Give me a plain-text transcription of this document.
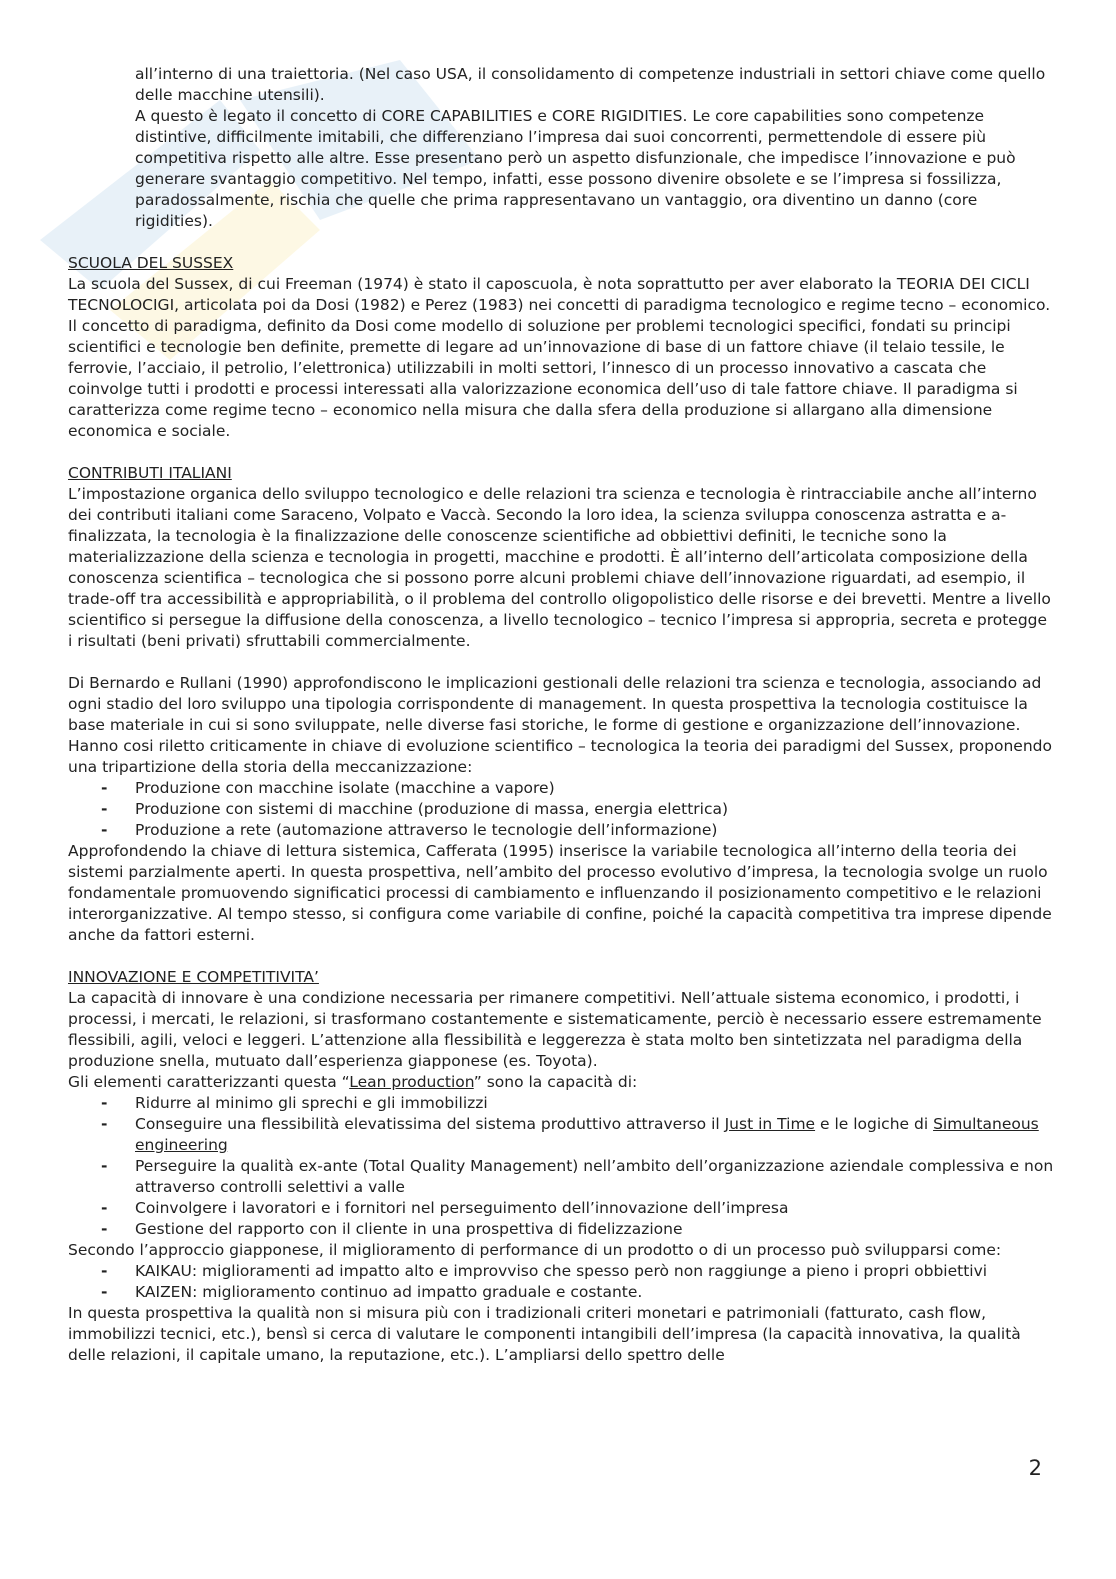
all’interno di una traiettoria. (Nel caso USA, il consolidamento di competenze industriali in settori chiave come quello delle macchine utensili).

A questo è legato il concetto di CORE CAPABILITIES e CORE RIGIDITIES. Le core capabilities sono competenze distintive, difficilmente imitabili, che differenziano l’impresa dai suoi concorrenti, permettendole di essere più competitiva rispetto alle altre. Esse presentano però un aspetto disfunzionale, che impedisce l’innovazione e può generare svantaggio competitivo. Nel tempo, infatti, esse possono divenire obsolete e se l’impresa si fossilizza, paradossalmente, rischia che quelle che prima rappresentavano un vantaggio, ora diventino un danno (core rigidities).

SCUOLA DEL SUSSEX

La scuola del Sussex, di cui Freeman (1974) è stato il caposcuola, è nota soprattutto per aver elaborato la TEORIA DEI CICLI TECNOLOCIGI, articolata poi da Dosi (1982) e Perez (1983) nei concetti di paradigma tecnologico e regime tecno – economico. Il concetto di paradigma, definito da Dosi come modello di soluzione per problemi tecnologici specifici, fondati su principi scientifici e tecnologie ben definite, premette di legare ad un’innovazione di base di un fattore chiave (il telaio tessile, le ferrovie, l’acciaio, il petrolio, l’elettronica) utilizzabili in molti settori, l’innesco di un processo innovativo a cascata che coinvolge tutti i prodotti e processi interessati alla valorizzazione economica dell’uso di tale fattore chiave. Il paradigma si caratterizza come regime tecno – economico nella misura che dalla sfera della produzione si allargano alla dimensione economica e sociale.

CONTRIBUTI ITALIANI

L’impostazione organica dello sviluppo tecnologico e delle relazioni tra scienza e tecnologia è rintracciabile anche all’interno dei contributi italiani come Saraceno, Volpato e Vaccà. Secondo la loro idea, la scienza sviluppa conoscenza astratta e a-finalizzata, la tecnologia è la finalizzazione delle conoscenze scientifiche ad obbiettivi definiti, le tecniche sono la materializzazione della scienza e tecnologia in progetti, macchine e prodotti. È all’interno dell’articolata composizione della conoscenza scientifica – tecnologica che si possono porre alcuni problemi chiave dell’innovazione riguardati, ad esempio, il trade-off tra accessibilità e appropriabilità, o il problema del controllo oligopolistico delle risorse e dei brevetti. Mentre a livello scientifico si persegue la diffusione della conoscenza, a livello tecnologico – tecnico l’impresa si appropria, secreta e protegge i risultati (beni privati) sfruttabili commercialmente.

Di Bernardo e Rullani (1990) approfondiscono le implicazioni gestionali delle relazioni tra scienza e tecnologia, associando ad ogni stadio del loro sviluppo una tipologia corrispondente di management. In questa prospettiva la tecnologia costituisce la base materiale in cui si sono sviluppate, nelle diverse fasi storiche, le forme di gestione e organizzazione dell’innovazione. Hanno cosi riletto criticamente in chiave di evoluzione scientifico – tecnologica la teoria dei paradigmi del Sussex, proponendo una tripartizione della storia della meccanizzazione:

- Produzione con macchine isolate (macchine a vapore)
- Produzione con sistemi di macchine (produzione di massa, energia elettrica)
- Produzione a rete (automazione attraverso le tecnologie dell’informazione)

Approfondendo la chiave di lettura sistemica, Cafferata (1995) inserisce la variabile tecnologica all’interno della teoria dei sistemi parzialmente aperti. In questa prospettiva, nell’ambito del processo evolutivo d’impresa, la tecnologia svolge un ruolo fondamentale promuovendo significatici processi di cambiamento e influenzando il posizionamento competitivo e le relazioni interorganizzative. Al tempo stesso, si configura come variabile di confine, poiché la capacità competitiva tra imprese dipende anche da fattori esterni.

INNOVAZIONE E COMPETITIVITA’

La capacità di innovare è una condizione necessaria per rimanere competitivi. Nell’attuale sistema economico, i prodotti, i processi, i mercati, le relazioni, si trasformano costantemente e sistematicamente, perciò è necessario essere estremamente flessibili, agili, veloci e leggeri. L’attenzione alla flessibilità e leggerezza è stata molto ben sintetizzata nel paradigma della produzione snella, mutuato dall’esperienza giapponese (es. Toyota).

Gli elementi caratterizzanti questa “Lean production” sono la capacità di:

- Ridurre al minimo gli sprechi e gli immobilizzi
- Conseguire una flessibilità elevatissima del sistema produttivo attraverso il Just in Time e le logiche di Simultaneous engineering
- Perseguire la qualità ex-ante (Total Quality Management) nell’ambito dell’organizzazione aziendale complessiva e non attraverso controlli selettivi a valle
- Coinvolgere i lavoratori e i fornitori nel perseguimento dell’innovazione dell’impresa
- Gestione del rapporto con il cliente in una prospettiva di fidelizzazione

Secondo l’approccio giapponese, il miglioramento di performance di un prodotto o di un processo può svilupparsi come:

- KAIKAU: miglioramenti ad impatto alto e improvviso che spesso però non raggiunge a pieno i propri obbiettivi
- KAIZEN: miglioramento continuo ad impatto graduale e costante.

In questa prospettiva la qualità non si misura più con i tradizionali criteri monetari e patrimoniali (fatturato, cash flow, immobilizzi tecnici, etc.), bensì si cerca di valutare le componenti intangibili dell’impresa (la capacità innovativa, la qualità delle relazioni, il capitale umano, la reputazione, etc.). L’ampliarsi dello spettro delle

2
